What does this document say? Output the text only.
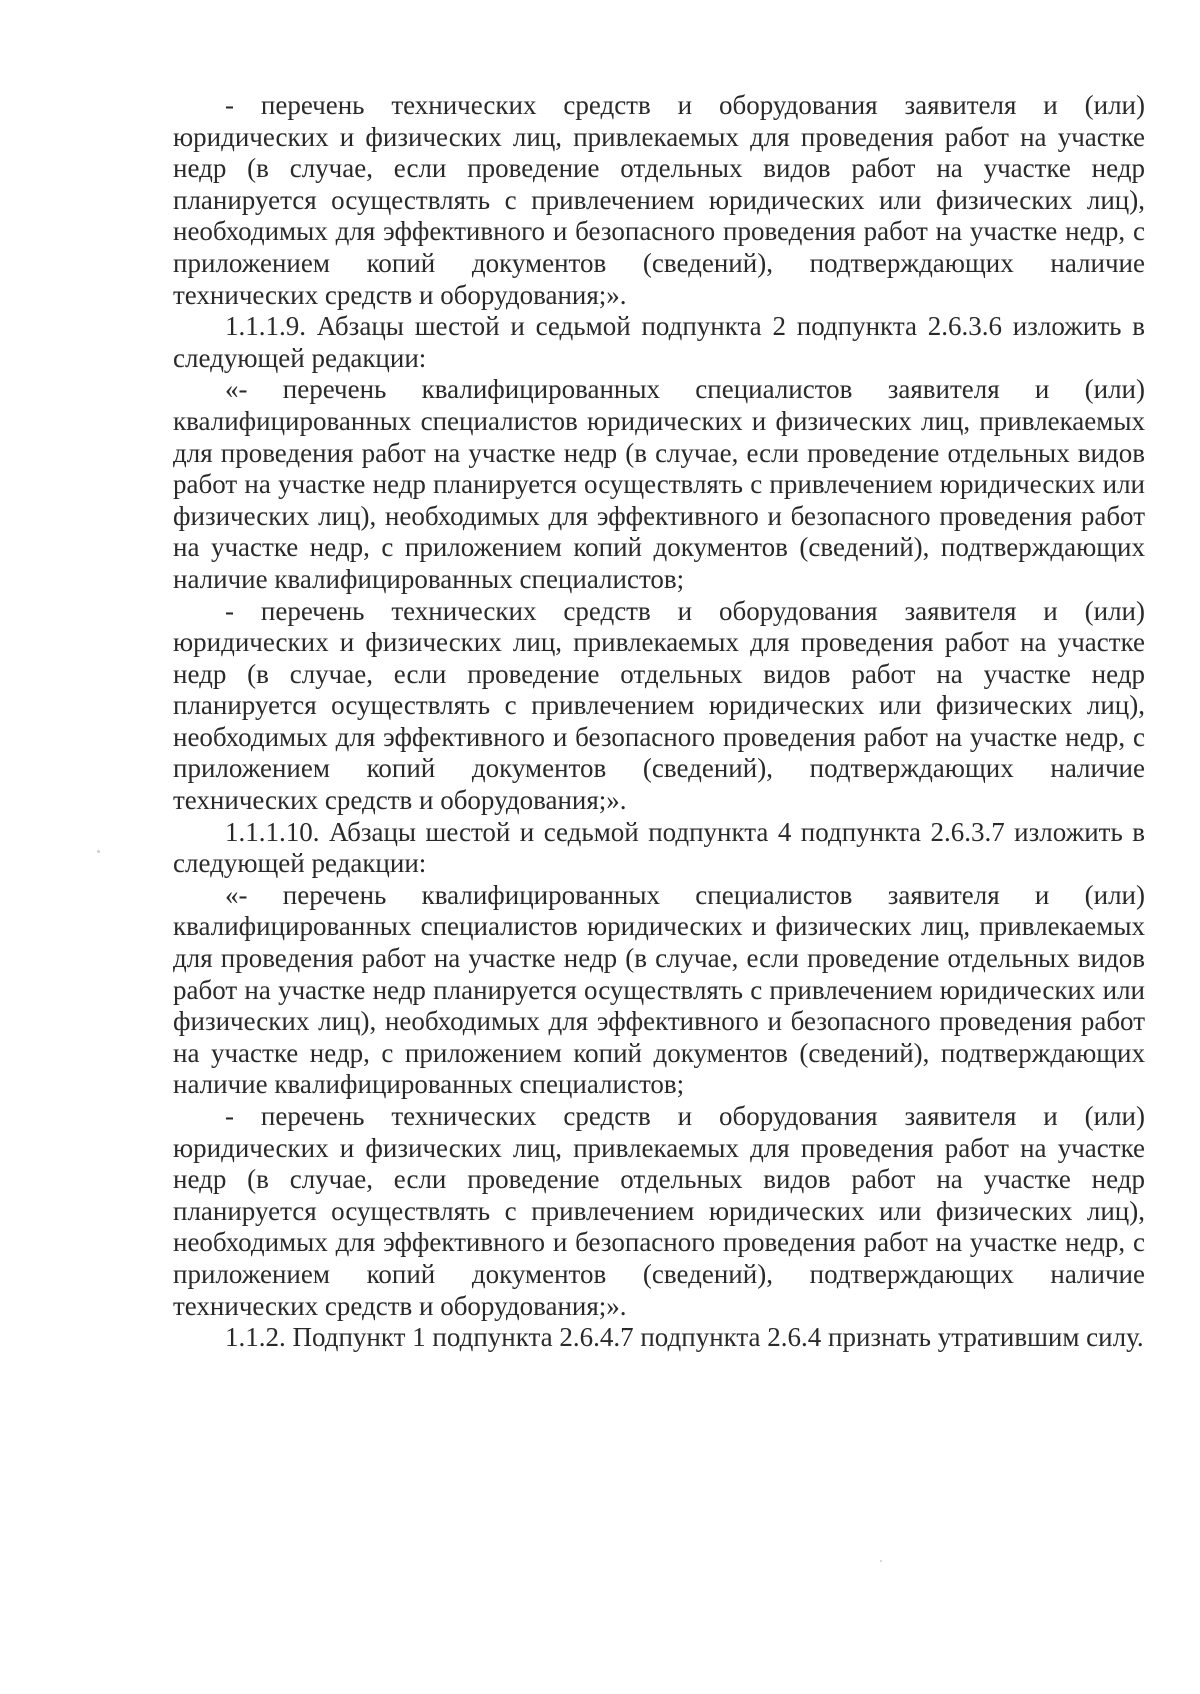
- перечень технических средств и оборудования заявителя и (или) юридических и физических лиц, привлекаемых для проведения работ на участке недр (в случае, если проведение отдельных видов работ на участке недр планируется осуществлять с привлечением юридических или физических лиц), необходимых для эффективного и безопасного проведения работ на участке недр, с приложением копий документов (сведений), подтверждающих наличие технических средств и оборудования;».

1.1.1.9. Абзацы шестой и седьмой подпункта 2 подпункта 2.6.3.6 изложить в следующей редакции:

«- перечень квалифицированных специалистов заявителя и (или) квалифицированных специалистов юридических и физических лиц, привлекаемых для проведения работ на участке недр (в случае, если проведение отдельных видов работ на участке недр планируется осуществлять с привлечением юридических или физических лиц), необходимых для эффективного и безопасного проведения работ на участке недр, с приложением копий документов (сведений), подтверждающих наличие квалифицированных специалистов;

- перечень технических средств и оборудования заявителя и (или) юридических и физических лиц, привлекаемых для проведения работ на участке недр (в случае, если проведение отдельных видов работ на участке недр планируется осуществлять с привлечением юридических или физических лиц), необходимых для эффективного и безопасного проведения работ на участке недр, с приложением копий документов (сведений), подтверждающих наличие технических средств и оборудования;».

1.1.1.10. Абзацы шестой и седьмой подпункта 4 подпункта 2.6.3.7 изложить в следующей редакции:

«- перечень квалифицированных специалистов заявителя и (или) квалифицированных специалистов юридических и физических лиц, привлекаемых для проведения работ на участке недр (в случае, если проведение отдельных видов работ на участке недр планируется осуществлять с привлечением юридических или физических лиц), необходимых для эффективного и безопасного проведения работ на участке недр, с приложением копий документов (сведений), подтверждающих наличие квалифицированных специалистов;

- перечень технических средств и оборудования заявителя и (или) юридических и физических лиц, привлекаемых для проведения работ на участке недр (в случае, если проведение отдельных видов работ на участке недр планируется осуществлять с привлечением юридических или физических лиц), необходимых для эффективного и безопасного проведения работ на участке недр, с приложением копий документов (сведений), подтверждающих наличие технических средств и оборудования;».

1.1.2. Подпункт 1 подпункта 2.6.4.7 подпункта 2.6.4 признать утратившим силу.
